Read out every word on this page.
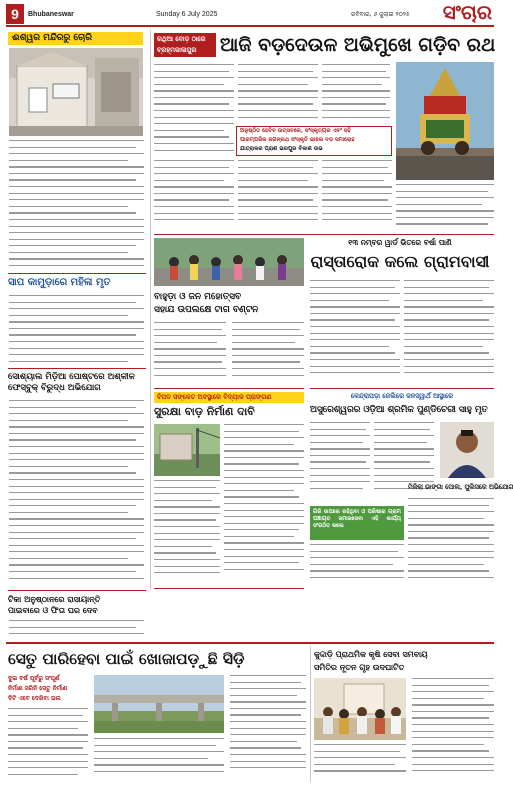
9	Bhubaneswar	Sunday 6 July 2025	ରବିବାର, ୬ ଜୁଲାଇ ୨୦୨୫ ସଂଚାର
ଈଶ୍ୱର ମନ୍ଦିରରୁ ଚୋରି
ସାପ କାମୁଡ଼ାରେ ମହିଳା ମୃତ
ସୋଶ୍ୟାଲ ମିଡ଼ିଆ ପୋଷ୍ଟରେ ଅଶ୍ଳୀଳ
ଫେସ୍ବୁକ୍ ବିରୁଦ୍ଧ ଅଭିଯୋଗ
ରଥିଆ ବୋଡ଼ ଠାରେ
ବ୍ରହ୍ମଜାଳାପୁର	ଆଜି ବଡ଼ଦେଉଳ ଅଭିମୁଖେ ଗଡ଼ିବ ରଥ
ଅନୁଷ୍ଠିତ ହେବିବ ଉତ୍ସବରେ, ସଂସ୍କୃତ୍ୟର ଏବଂ ସହି
ପାରମ୍ପରିକ ଜଗନ୍ନାଥ ସଂସ୍କୃତି ଭାଲେ ବଡ଼ ସମାରୋହ
ଯାତ୍ରାକର ପ୍ରାଣ ଭରପୁର ବିକାଶ ଉଭ
୧୩ ନମ୍ବର ୱାର୍ଡ ଭିତରେ ବର୍ଷା ପାଣି
ରାସ୍ତାରୋକ କଲେ ଗ୍ରାମବାସୀ
ବାହୁଡ଼ା ଓ ଜନ ମହୋତ୍ସବ
ସହାଯ ଉପଲକ୍ଷେ ଟାଗ ବଣ୍ଟନ
ବିପଦ ସଙ୍କେତ ଅବସ୍ଥାରେ ବିଦ୍ୟାଳ ପ୍ରାଙ୍ଗଣ
ସୁରକ୍ଷା ବାଡ଼ ନିର୍ମାଣ ଦାବି
କେନ୍ଦ୍ରାପଡ଼ା ଜେଲିରେ ଜନସ୍ୱାର୍ଥ ଆସ୍ଥାରେ
ଅସୁରେଶ୍ୱରର ଓଡ଼ିଆ ଶ୍ରମିକ ପୁଣ୍ଡିଚେରୀ ସାହୁ ମୃତ
ଗିରି ଉପରେ ରହିଥିବା ଓ ପରିଷାର ଗ୍ରାମ ପଞ୍ଚାୟତ ସମାଜସେବୀ ଏହି କାର୍ଯ୍ୟ ସଂଗଠିତ କଲେ
ମିଳିଲା ଭାଙ୍ଗା ପୋଲ, ପୁଲିସରେ ଅଭିଯୋଗ
ଟିକା ଅନୁଷ୍ଠାନରେ ରାସାୟାନ୍ତି
ପାଇବାରେ ଓ ଫିତା ଘର ଦେବ
ସେତୁ ପାରିହେବା ପାଇଁ ଖୋଜାପଡ଼ୁଛି ସିଡ଼ି
ଦୁଇ ବର୍ଷ ପୂର୍ବରୁ ସଂପୂର୍ଣ
ନିର୍ମାଣ ସରିନି ସେତୁ ନିର୍ମାଣ
ଦିଟି ଏବେ ଦେଖିବା ଭଲ
କୁଦ୍ଦାଡ଼ି ପ୍ରାଥମିକ କୃଷି ସେବା ସମବାୟ
ସମିତିର ନୂତନ ଗୃହ ଉଦଘାଟିତ
